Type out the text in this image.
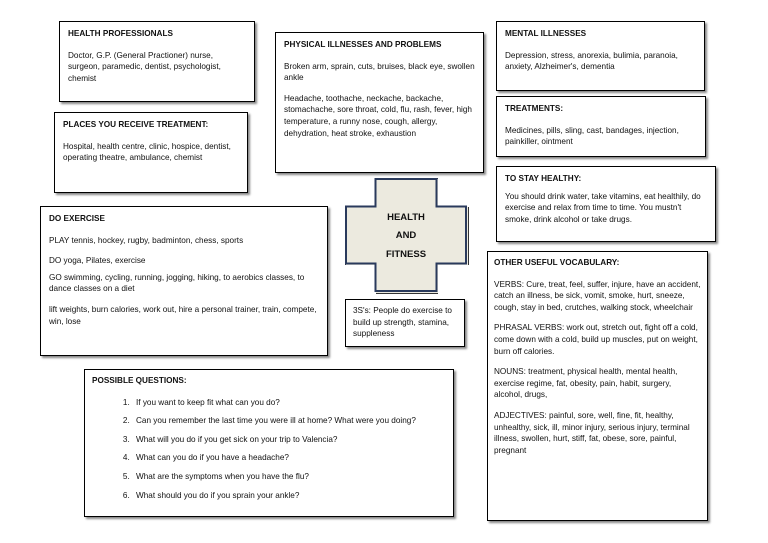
HEALTH PROFESSIONALS

Doctor, G.P. (General Practioner) nurse, surgeon, paramedic, dentist, psychologist, chemist

PHYSICAL ILLNESSES AND PROBLEMS

Broken arm, sprain, cuts, bruises, black eye, swollen ankle

Headache, toothache, neckache, backache, stomachache, sore throat, cold, flu, rash, fever, high temperature, a runny nose, cough, allergy, dehydration, heat stroke, exhaustion

MENTAL ILLNESSES

Depression, stress, anorexia, bulimia, paranoia, anxiety, Alzheimer's, dementia

PLACES YOU RECEIVE TREATMENT:

Hospital, health centre, clinic, hospice, dentist, operating theatre, ambulance, chemist

TREATMENTS:

Medicines, pills, sling, cast, bandages, injection, painkiller, ointment

TO STAY HEALTHY:

You should drink water, take vitamins, eat healthily, do exercise and relax from time to time. You mustn't smoke, drink alcohol or take drugs.

DO EXERCISE

PLAY tennis, hockey, rugby, badminton, chess, sports

DO yoga, Pilates, exercise

GO swimming, cycling, running, jogging, hiking, to aerobics classes, to dance classes on a diet

lift weights, burn calories, work out, hire a personal trainer, train, compete, win, lose

HEALTH
AND
FITNESS

3S's: People do exercise to build up strength, stamina, suppleness

OTHER USEFUL VOCABULARY:

VERBS: Cure, treat, feel, suffer, injure, have an accident, catch an illness, be sick, vomit, smoke, hurt, sneeze, cough, stay in bed, crutches, walking stock, wheelchair

PHRASAL VERBS: work out, stretch out, fight off a cold, come down with a cold, build up muscles, put on weight, burn off calories.

NOUNS: treatment, physical health, mental health, exercise regime, fat, obesity, pain, habit, surgery, alcohol, drugs,

ADJECTIVES: painful, sore, well, fine, fit, healthy, unhealthy, sick, ill, minor injury, serious injury, terminal illness, swollen, hurt, stiff, fat, obese, sore, painful, pregnant

POSSIBLE QUESTIONS:
1. If you want to keep fit what can you do?
2. Can you remember the last time you were ill at home? What were you doing?
3. What will you do if you get sick on your trip to Valencia?
4. What can you do if you have a headache?
5. What are the symptoms when you have the flu?
6. What should you do if you sprain your ankle?
